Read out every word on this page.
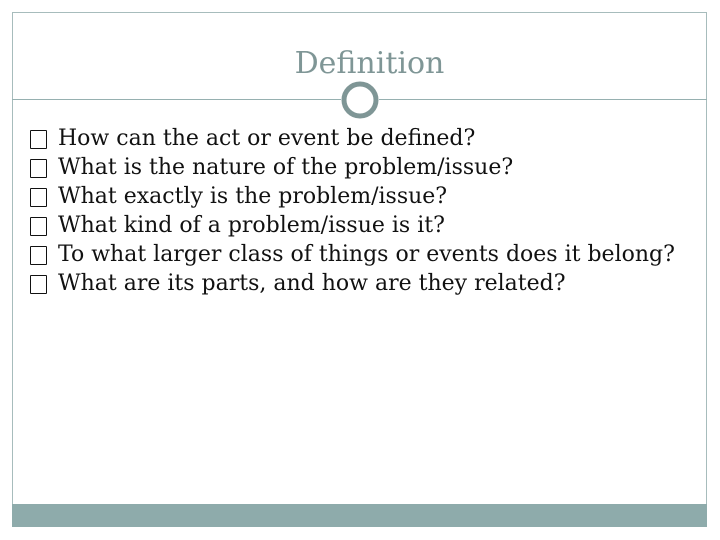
Definition
How can the act or event be defined?
What is the nature of the problem/issue?
What exactly is the problem/issue?
What kind of a problem/issue is it?
To what larger class of things or events does it belong?
What are its parts, and how are they related?
